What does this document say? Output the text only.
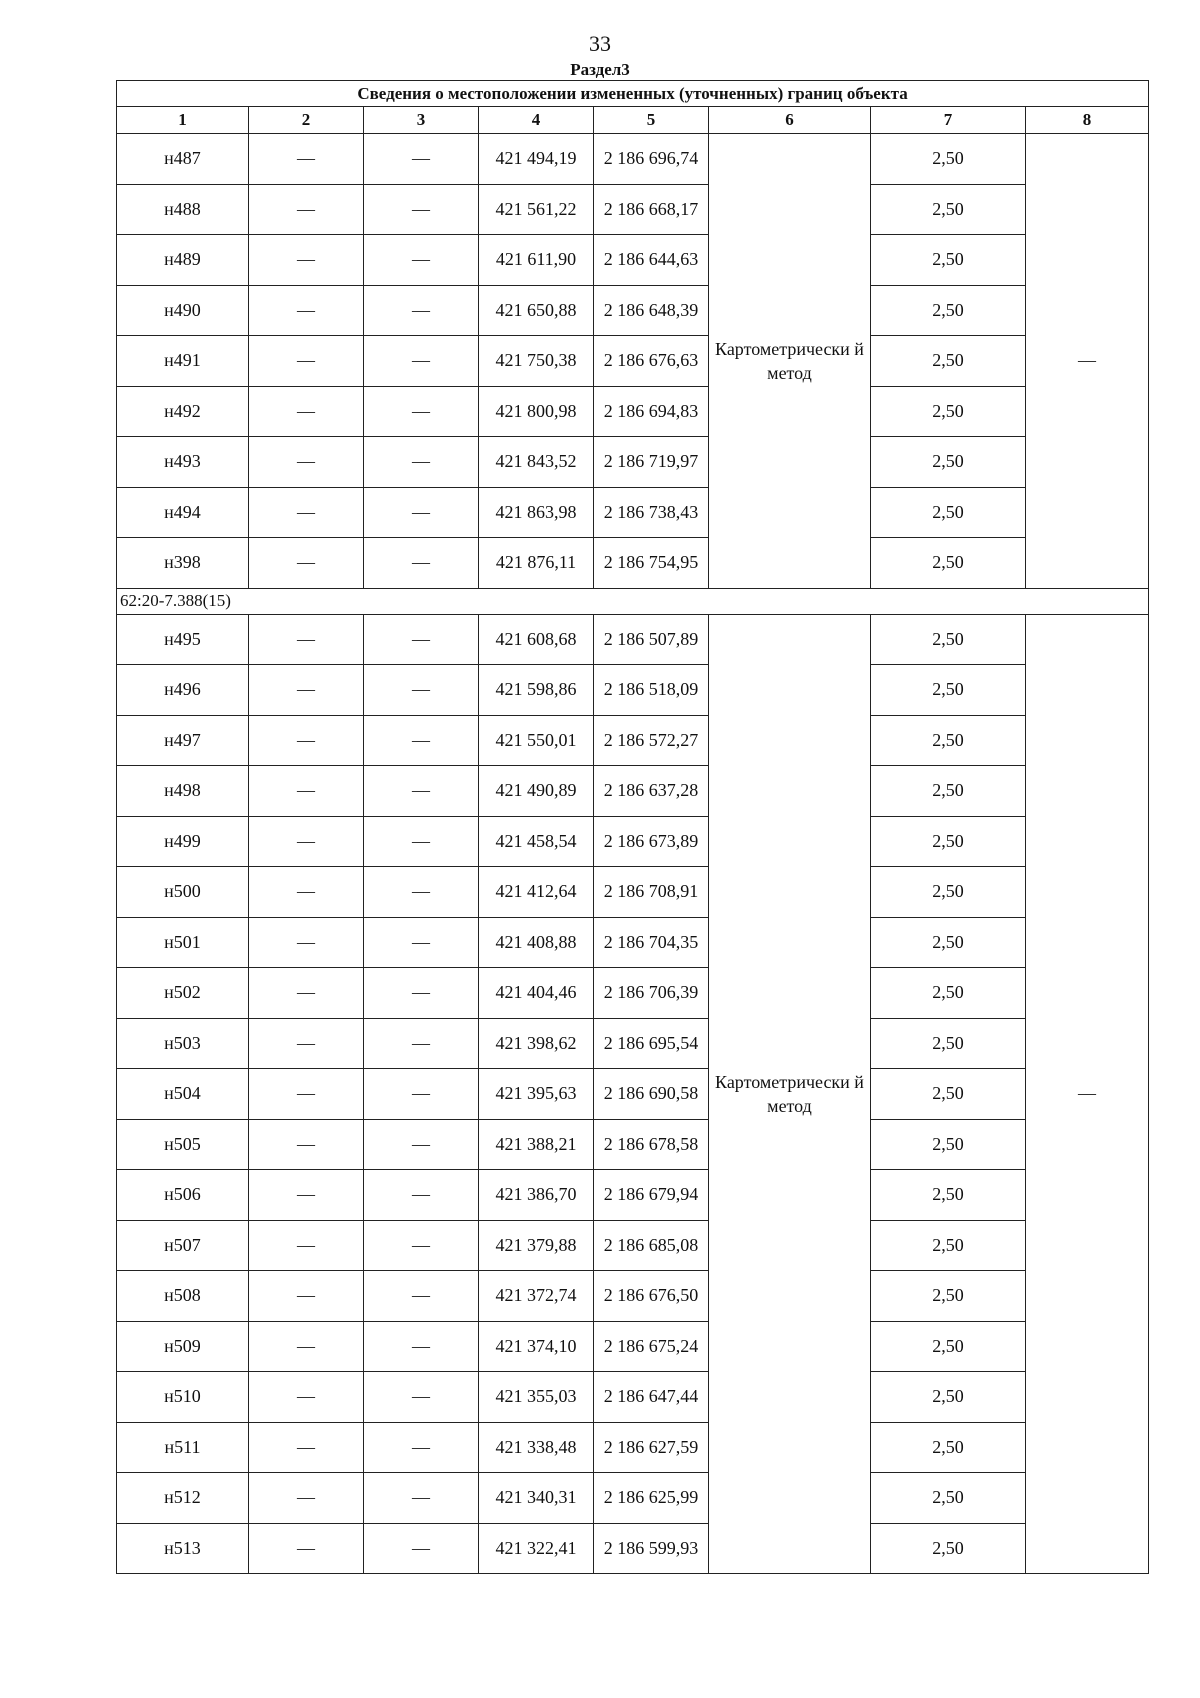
33
Раздел3
Сведения о местоположении измененных (уточненных) границ объекта							
1	2	3	4	5	6	7	8
н487	—	—	421 494,19	2 186 696,74	Картометрически й метод	2,50	—
н488	—	—	421 561,22	2 186 668,17		2,50	
н489	—	—	421 611,90	2 186 644,63		2,50	
н490	—	—	421 650,88	2 186 648,39		2,50	
н491	—	—	421 750,38	2 186 676,63		2,50	
н492	—	—	421 800,98	2 186 694,83		2,50	
н493	—	—	421 843,52	2 186 719,97		2,50	
н494	—	—	421 863,98	2 186 738,43		2,50	
н398	—	—	421 876,11	2 186 754,95		2,50	
62:20-7.388(15)							
н495	—	—	421 608,68	2 186 507,89	Картометрически й метод	2,50	—
н496	—	—	421 598,86	2 186 518,09		2,50	
н497	—	—	421 550,01	2 186 572,27		2,50	
н498	—	—	421 490,89	2 186 637,28		2,50	
н499	—	—	421 458,54	2 186 673,89		2,50	
н500	—	—	421 412,64	2 186 708,91		2,50	
н501	—	—	421 408,88	2 186 704,35		2,50	
н502	—	—	421 404,46	2 186 706,39		2,50	
н503	—	—	421 398,62	2 186 695,54		2,50	
н504	—	—	421 395,63	2 186 690,58		2,50	
н505	—	—	421 388,21	2 186 678,58		2,50	
н506	—	—	421 386,70	2 186 679,94		2,50	
н507	—	—	421 379,88	2 186 685,08		2,50	
н508	—	—	421 372,74	2 186 676,50		2,50	
н509	—	—	421 374,10	2 186 675,24		2,50	
н510	—	—	421 355,03	2 186 647,44		2,50	
н511	—	—	421 338,48	2 186 627,59		2,50	
н512	—	—	421 340,31	2 186 625,99		2,50	
н513	—	—	421 322,41	2 186 599,93		2,50	
